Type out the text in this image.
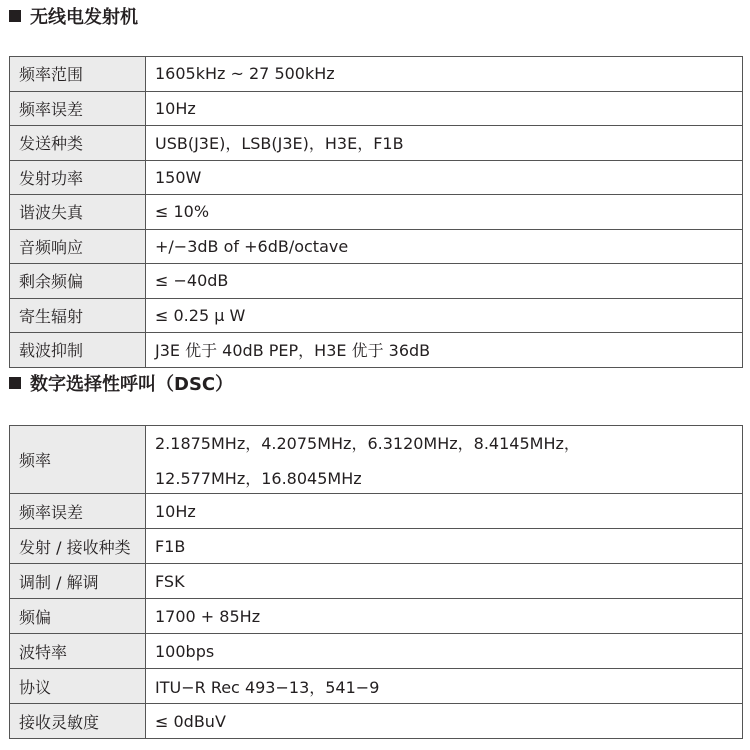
无线电发射机
频率范围	1605kHz ~ 27 500kHz
频率误差	10Hz
发送种类	USB(J3E)，LSB(J3E)，H3E，F1B
发射功率	150W
谐波失真	≤ 10%
音频响应	+/−3dB of +6dB/octave
剩余频偏	≤ −40dB
寄生辐射	≤ 0.25 μ W
载波抑制	J3E 优于 40dB PEP，H3E 优于 36dB
数字选择性呼叫（DSC）
频率	2.1875MHz，4.2075MHz，6.3120MHz，8.4145MHz，
12.577MHz，16.8045MHz

频率误差	10Hz
发射 / 接收种类	F1B
调制 / 解调	FSK
频偏	1700 + 85Hz
波特率	100bps
协议	ITU−R Rec 493−13，541−9
接收灵敏度	≤ 0dBuV
